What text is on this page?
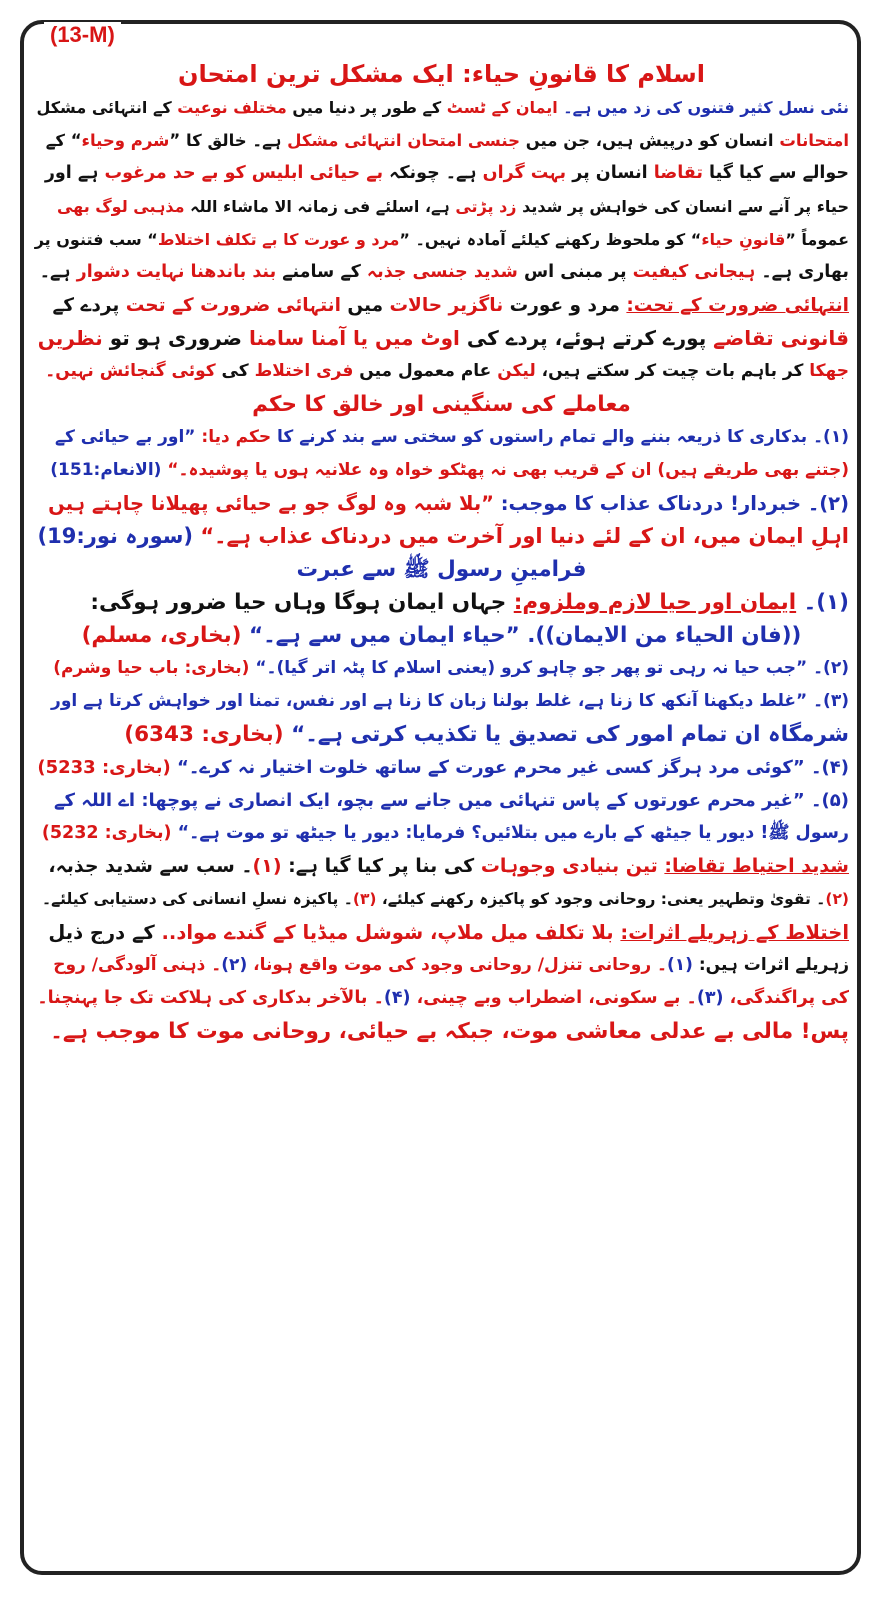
(13-M)
اسلام کا قانونِ حیاء: ایک مشکل ترین امتحان
نئی نسل کثیر فتنوں کی زد میں ہے۔ ایمان کے ٹسٹ کے طور پر دنیا میں مختلف نوعیت کے انتہائی مشکل
امتحانات انسان کو درپیش ہیں، جن میں جنسی امتحان انتہائی مشکل ہے۔ خالق کا ”شرم وحیاء“ کے
حوالے سے کیا گیا تقاضا انسان پر بہت گراں ہے۔ چونکہ بے حیائی ابلیس کو بے حد مرغوب ہے اور
حیاء پر آنے سے انسان کی خواہش پر شدید زد پڑتی ہے، اسلئے فی زمانہ الا ماشاء اللہ مذہبی لوگ بھی
عموماً ”قانونِ حیاء“ کو ملحوظ رکھنے کیلئے آمادہ نہیں۔ ”مرد و عورت کا بے تکلف اختلاط“ سب فتنوں پر
بھاری ہے۔ ہیجانی کیفیت پر مبنی اس شدید جنسی جذبہ کے سامنے بند باندھنا نہایت دشوار ہے۔
انتہائی ضرورت کے تحت: مرد و عورت ناگزیر حالات میں انتہائی ضرورت کے تحت پردے کے
قانونی تقاضے پورے کرتے ہوئے، پردے کی اوٹ میں یا آمنا سامنا ضروری ہو تو نظریں
جھکا کر باہم بات چیت کر سکتے ہیں، لیکن عام معمول میں فری اختلاط کی کوئی گنجائش نہیں۔
معاملے کی سنگینی اور خالق کا حکم
(۱)۔ بدکاری کا ذریعہ بننے والے تمام راستوں کو سختی سے بند کرنے کا حکم دیا: ”اور بے حیائی کے
(جتنے بھی طریقے ہیں) ان کے قریب بھی نہ پھٹکو خواہ وہ علانیہ ہوں یا پوشیدہ۔“ (الانعام:151)
(۲)۔ خبردار! دردناک عذاب کا موجب: ”بلا شبہ وہ لوگ جو بے حیائی پھیلانا چاہتے ہیں
اہلِ ایمان میں، ان کے لئے دنیا اور آخرت میں دردناک عذاب ہے۔“ (سورہ نور:19)
فرامینِ رسول ﷺ سے عبرت
(۱)۔ ایمان اور حیا لازم وملزوم: جہاں ایمان ہوگا وہاں حیا ضرور ہوگی:
((فان الحیاء من الایمان)). ”حیاء ایمان میں سے ہے۔“ (بخاری، مسلم)
(۲)۔ ”جب حیا نہ رہی تو پھر جو چاہو کرو (یعنی اسلام کا پٹہ اتر گیا)۔“ (بخاری: باب حیا وشرم)
(۳)۔ ”غلط دیکھنا آنکھ کا زنا ہے، غلط بولنا زبان کا زنا ہے اور نفس، تمنا اور خواہش کرتا ہے اور
شرمگاہ ان تمام امور کی تصدیق یا تکذیب کرتی ہے۔“ (بخاری: 6343)
(۴)۔ ”کوئی مرد ہرگز کسی غیر محرم عورت کے ساتھ خلوت اختیار نہ کرے۔“ (بخاری: 5233)
(۵)۔ ”غیر محرم عورتوں کے پاس تنہائی میں جانے سے بچو، ایک انصاری نے پوچھا: اے اللہ کے
رسول ﷺ! دیور یا جیٹھ کے بارے میں بتلائیں؟ فرمایا: دیور یا جیٹھ تو موت ہے۔“ (بخاری: 5232)
شدید احتیاط تقاضا: تین بنیادی وجوہات کی بنا پر کیا گیا ہے: (۱)۔ سب سے شدید جذبہ،
(۲)۔ تقویٰ وتطہیر یعنی: روحانی وجود کو پاکیزہ رکھنے کیلئے، (۳)۔ پاکیزہ نسلِ انسانی کی دستیابی کیلئے۔
اختلاط کے زہریلے اثرات: بلا تکلف میل ملاپ، شوشل میڈیا کے گندے مواد.. کے درج ذیل
زہریلے اثرات ہیں: (۱)۔ روحانی تنزل/ روحانی وجود کی موت واقع ہونا، (۲)۔ ذہنی آلودگی/ روح
کی پراگندگی، (۳)۔ بے سکونی، اضطراب وبے چینی، (۴)۔ بالآخر بدکاری کی ہلاکت تک جا پہنچنا۔
پس! مالی بے عدلی معاشی موت، جبکہ بے حیائی، روحانی موت کا موجب ہے۔
